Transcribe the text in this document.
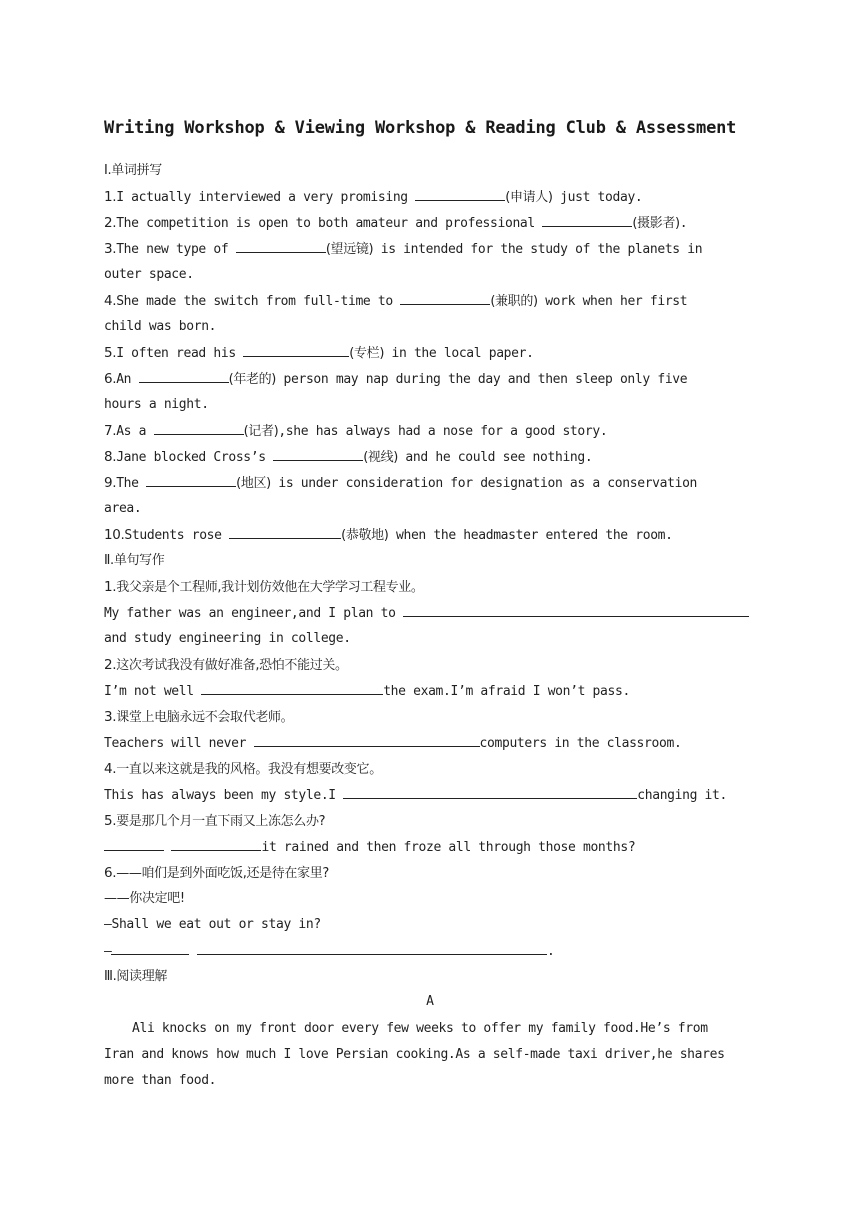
Writing Workshop & Viewing Workshop & Reading Club & Assessment
Ⅰ.单词拼写
1.I actually interviewed a very promising	(申请人) just today.
2.The competition is open to both amateur and professional	(摄影者).
3.The new type of	(望远镜) is intended for the study of the planets in
outer space.
4.She made the switch from full-time to	(兼职的) work when her first
child was born.
5.I often read his	(专栏) in the local paper.
6.An	(年老的) person may nap during the day and then sleep only five
hours a night.
7.As a	(记者),she has always had a nose for a good story.
8.Jane blocked Cross’s	(视线) and he could see nothing.
9.The	(地区) is under consideration for designation as a conservation
area.
10.Students rose	(恭敬地) when the headmaster entered the room.
Ⅱ.单句写作
1.我父亲是个工程师,我计划仿效他在大学学习工程专业。
My father was an engineer,and I plan to
and study engineering in college.
2.这次考试我没有做好准备,恐怕不能过关。
I’m not well	the exam.I’m afraid I won’t pass.
3.课堂上电脑永远不会取代老师。
Teachers will never	computers in the classroom.
4.一直以来这就是我的风格。我没有想要改变它。
This has always been my style.I	changing it.
5.要是那几个月一直下雨又上冻怎么办?
it rained and then froze all through those months?
6.——咱们是到外面吃饭,还是待在家里?
——你决定吧!
—Shall we eat out or stay in?
—	.
Ⅲ.阅读理解
A
Ali knocks on my front door every few weeks to offer my family food.He’s from
Iran and knows how much I love Persian cooking.As a self-made taxi driver,he shares
more than food.
